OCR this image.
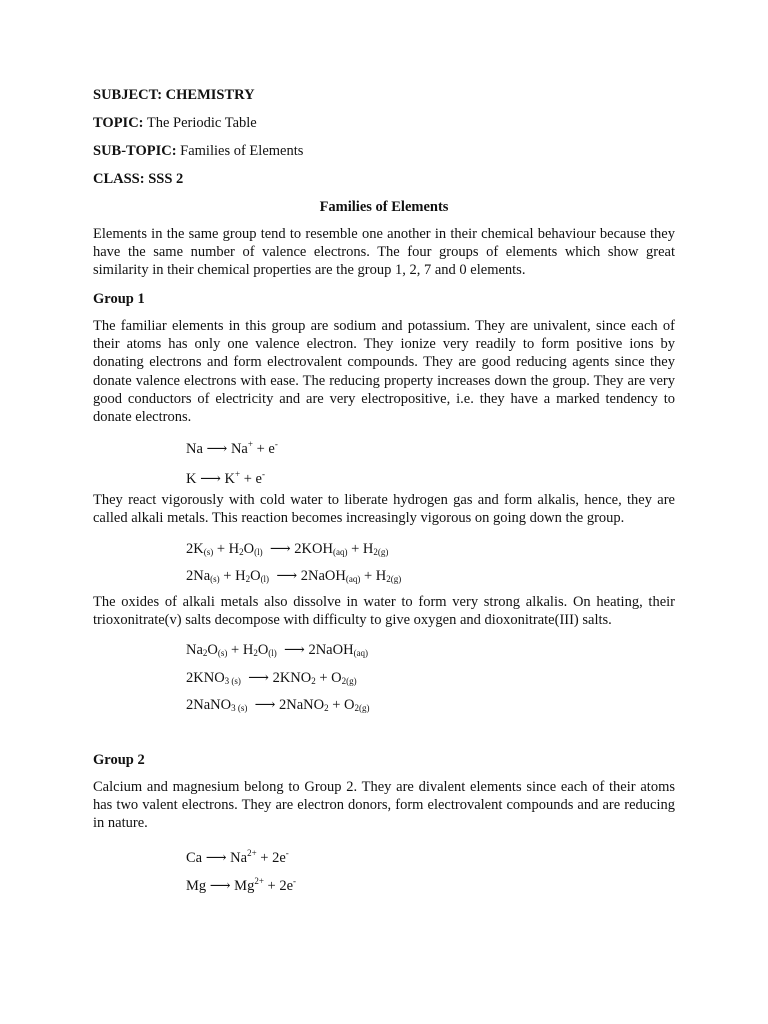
SUBJECT: CHEMISTRY
TOPIC: The Periodic Table
SUB-TOPIC: Families of Elements
CLASS: SSS 2
Families of Elements
Elements in the same group tend to resemble one another in their chemical behaviour because they have the same number of valence electrons. The four groups of elements which show great similarity in their chemical properties are the group 1, 2, 7 and 0 elements.
Group 1
The familiar elements in this group are sodium and potassium. They are univalent, since each of their atoms has only one valence electron. They ionize very readily to form positive ions by donating electrons and form electrovalent compounds. They are good reducing agents since they donate valence electrons with ease. The reducing property increases down the group. They are very good conductors of electricity and are very electropositive, i.e. they have a marked tendency to donate electrons.
Na ⟶ Na+ + e-
K ⟶ K+ + e-
They react vigorously with cold water to liberate hydrogen gas and form alkalis, hence, they are called alkali metals. This reaction becomes increasingly vigorous on going down the group.
$2K_{(s)} + H_2O_{(l)}$  ⟶ $2KOH_{(aq)} + H_{2(g)}$
$2Na_{(s)} + H_2O_{(l)}$  ⟶ 2NaOH$_{(aq)}$ + $H_{2(g)}$
The oxides of alkali metals also dissolve in water to form very strong alkalis. On heating, their trioxonitrate(v) salts decompose with difficulty to give oxygen and dioxonitrate(III) salts.
$Na_2O_{(s)} + H_2O_{(l)}$  ⟶ 2NaOH$_{(aq)}$
$2KNO_{3 (s)}$  ⟶ $2KNO_2 + O_{2(g)}$
2NaNO$_{3 (s)}$  ⟶ 2NaNO$_2$ + $O_{2(g)}$
Group 2
Calcium and magnesium belong to Group 2. They are divalent elements since each of their atoms has two valent electrons. They are electron donors, form electrovalent compounds and are reducing in nature.
Ca ⟶ $Na^{2+} + 2e^-$
Mg ⟶ $Mg^{2+} + 2e^-$
